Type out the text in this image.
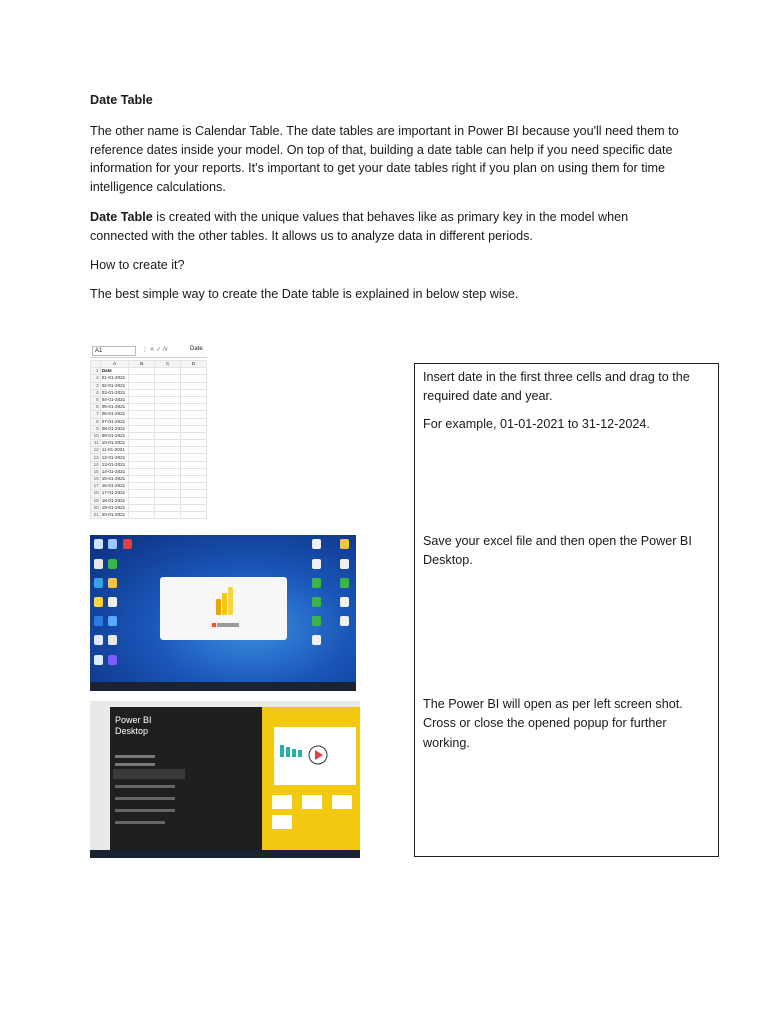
Date Table
The other name is Calendar Table. The date tables are important in Power BI because you'll need them to reference dates inside your model. On top of that, building a date table can help if you need specific date information for your reports. It's important to get your date tables right if you plan on using them for time intelligence calculations.
Date Table is created with the unique values that behaves like as primary key in the model when connected with the other tables. It allows us to analyze data in different periods.
How to create it?
The best simple way to create the Date table is explained in below step wise.
A1	⋮ ✕ ✓ fx	Date
	A	B	C	D
1	Date			
2	01-01-2021			
3	02-01-2021			
4	03-01-2021			
5	04-01-2021			
6	05-01-2021			
7	06-01-2021			
8	07-01-2021			
9	08-01-2021			
10	09-01-2021			
11	10-01-2021			
12	11-01-2021			
13	12-01-2021			
14	13-01-2021			
15	14-01-2021			
16	15-01-2021			
17	16-01-2021			
18	17-01-2021			
19	18-01-2021			
20	19-01-2021			
21	20-01-2021			
Power BI
Desktop
Insert date in the first three cells and drag to the required date and year.
For example, 01-01-2021 to 31-12-2024.
Save your excel file and then open the Power BI Desktop.
The Power BI will open as per left screen shot. Cross or close the opened popup for further working.
